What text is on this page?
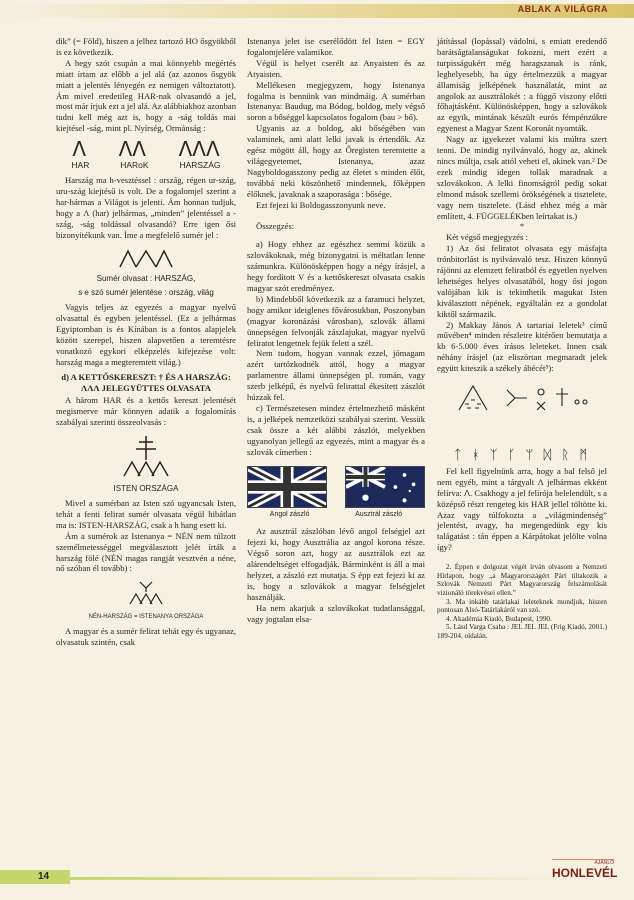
ABLAK A VILÁGRA

dik” (= Föld), hiszen a jelhez tartozó HO ősgyökből is ez következik.

A hegy szót csupán a mai könnyebb megértés miatt írtam az előbb a jel alá (az azonos ősgyök miatt a jelentés lényegén ez nemigen változtatott). Ám mivel eredetileg HAR-nak olvasandó a jel, most már írjuk ezt a jel alá. Az alábbiakhoz azonban tudni kell még azt is, hogy a -ság toldás mai kiejtésel -ság, mint pl. Nyírség, Ormánság :

Λ ΛΛ ΛΛΛ
HAR	HARoK	HARSZÁG

Harszág ma h-vesztéssel : ország, régen ur-szág, uru-szág kiejtésű is volt. De a fogalomjel szerint a har-hármas a Világot is jelenti. Ám honnan tudjuk, hogy a Λ (har) jelhármas, „minden” jelentéssel a -szág, -ság toldással olvasandó? Erre igen ősi bizonyítékunk van. Íme a megfelelő sumér jel :

Sumér olvasat : HARSZÁG,
s e szó sumér jelentése : ország, világ

Vagyis teljes az egyezés a magyar nyelvű olvasattal és egyben jelentéssel. (Ez a jelhármas Egyiptomban is és Kínában is a fontos alapjelek között szerepel, hiszen alapvetően a teremtésre vonatkozó egykori elképzelés kifejezése volt: harszág maga a megteremtett világ.)

d) A KETTŐSKERESZT: † ÉS A HARSZÁG: ΛΛΛ JELEGYÜTTES OLVASATA

A három HAR és a kettős kereszt jelentését megismerve már könnyen adatik a fogalomírás szabályai szerinti összeolvasás :

ISTEN ORSZÁGA

Mivel a sumérban az Isten szó ugyancsak Isten, tehát a fenti felirat sumér olvasata végül hibátlan ma is: ISTEN-HARSZÁG, csak a h hang esett ki.

Ám a sumérok az Istenanya = NÉN nem túlzott személmetességgel megválasztott jelét írták a harszág fölé (NÉN magas rangját vesztvén a néne, nő szóban él tovább) :

NÉN-HARSZÁG = ISTENANYA ORSZÁGA

A magyar és a sumér felirat tehát egy és ugyanaz, olvasatuk szintén, csak

Istenanya jelet ise cserélődött fel Isten = EGY fogalomjelére valamikor.

Végül is helyet cserélt az Anyaisten és az Atyaisten.

Mellékesen megjegyzem, hogy Istenanya fogalma is bennünk van mindmáig. A sumérban Istenanya: Baudug, ma Bódog, boldog, mely végső soron a bőséggel kapcsolatos fogalom (bau > bő).

Ugyanis az a boldog, aki bőségében van valaminek, ami alatt lelki javak is értendők. Az egész mögött áll, hogy az Őregisten teremtette a világegyetemet, Istenanya, azaz Nagyboldogasszony pedig az életet s minden élőt, továbbá neki köszönhető mindennek, főképpen élőknek, javaknak a szaporasága : bősége.

Ezt fejezi ki Boldogasszonyunk neve.

Összegzés:

a) Hogy ehhez az egészhez semmi közük a szlovákoknak, még bizonygatni is méltatlan lenne számunkra. Különösképpen hogy a négy írásjel, a hegy fordított V és a kettőskereszt olvasata csakis magyar szót eredményez.

b) Mindebből következik az a faramuci helyzet, hogy amikor ideiglenes fővárosukban, Poszonyban (magyar koronázási városban), szlovák állami ünnepségen felvonják zászlajukat, magyar nyelvű feliratot lengetnek fejük felett a szél.

Nem tudom, hogyan vannak ezzel, jómagam azért tartózkodnék attól, hogy a magyar parlamentre állami ünnepségen pl. román, vagy szerb jelképű, és nyelvű felirattal ékesített zászlót húzzak fel.

c) Természetesen mindez értelmezhető másként is, a jelképek nemzetközi szabályai szerint. Vessük csak össze a két alábbi zászlót, melyekben ugyanolyan jellegű az egyezés, mint a magyar és a szlovák címerben :

Angol zászló	Ausztrál zászló

Az ausztrál zászlóban lévő angol felségjel azt fejezi ki, hogy Ausztrália az angol korona része. Végső soron azt, hogy az ausztrálok ezt az alárendeltséget elfogadják. Bárminként is áll a mai helyzet, a zászló ezt mutatja. S épp ezt fejezi ki az is, hogy a szlovákok a magyar felségjelet használják.

Ha nem akarjuk a szlovákokat tudatlansággal, vagy jogtalan elsa-

játítással (lopással) vádolni, s emiatt eredendő barátságtalanságukat fokozni, mert ezért a turpisságukért még haragszanak is ránk, leghelyesebb, ha úgy értelmezzük a magyar államiság jelképének használatát, mint az angolok az ausztrálokét : a függő viszony előtti főhajtásként. Különösképpen, hogy a szlovákok az egyik, mintának készült eurós fémpénzükre egyenest a Magyar Szent Koronát nyomták.

Nagy az igyekezet valami kis múltra szert tenni. De mindig nyilvánvaló, hogy az, akinek nincs múltja, csak attól veheti el, akinek van.² De ezek mindig idegen tollak maradnak a szlovákokon. A lelki finomságról pedig sokat elmond mások szellemi örökségének a tisztelete, vagy nem tisztelete. (Lásd ehhez még a már említett, 4. FÜGGELÉKben leírtakat is.)

*

Két végső megjegyzés :

1) Az ősi feliratot olvasata egy másfajta trónbitorlást is nyilvánvaló tesz. Hiszen könnyű rájönni az elemzett feliratból és egyetlen nyelven lehetséges helyes olvasatából, hogy ősi jogon valójában kik is tekinthetik magukat Isten kiválasztott népének, egyáltalán ez a gondolat kiktől származik.

2) Makkay János A tartariai leletek³ című művében⁴ minden részletre kitérően bemutatja a kb 6-5.000 éves írásos leleteket. Innen csak néhány írásjel (az eliszórtan megmaradt jelek együtt kiteszik a székely ábécét⁵):

ᛏ ᚼ ᛉ ᚴ ᛘ ᛞ ᚱ ᛗ

Fel kell figyelnünk arra, hogy a bal felső jel nem egyéb, mint a tárgyalt Λ jelhármas ekként felírva: ᐱ. Csakhogy a jel felírója belelendült, s a középső részt rengeteg kis HAR jellel töltötte ki. Azaz vagy túlfokozta a „világmindenség” jelentést, avagy, ha megengedünk egy kis talágatást : tán éppen a Kárpátokat jelölte volna így?

2. Éppen e dolgozat végét írván olvasom a Nemzeti Hírlapon, hogy „a Magyarországért Párt tiltakozik a Szlovák Nemzeti Párt Magyarország felszámolását vizionáló törekvései ellen.”

3. Ma inkább tatárlakai leleteknek mondjuk, hiszen pontosan Alsó-Tatárlakáról van szó.

4. Akadémia Kiadó, Budapest, 1990.

5. Lásd Varga Csaba : JEL JEL JEL (Frig Kiadó, 2001.) 189-204. oldalán.

14
AJÁNLÓ
HONLEVÉL
